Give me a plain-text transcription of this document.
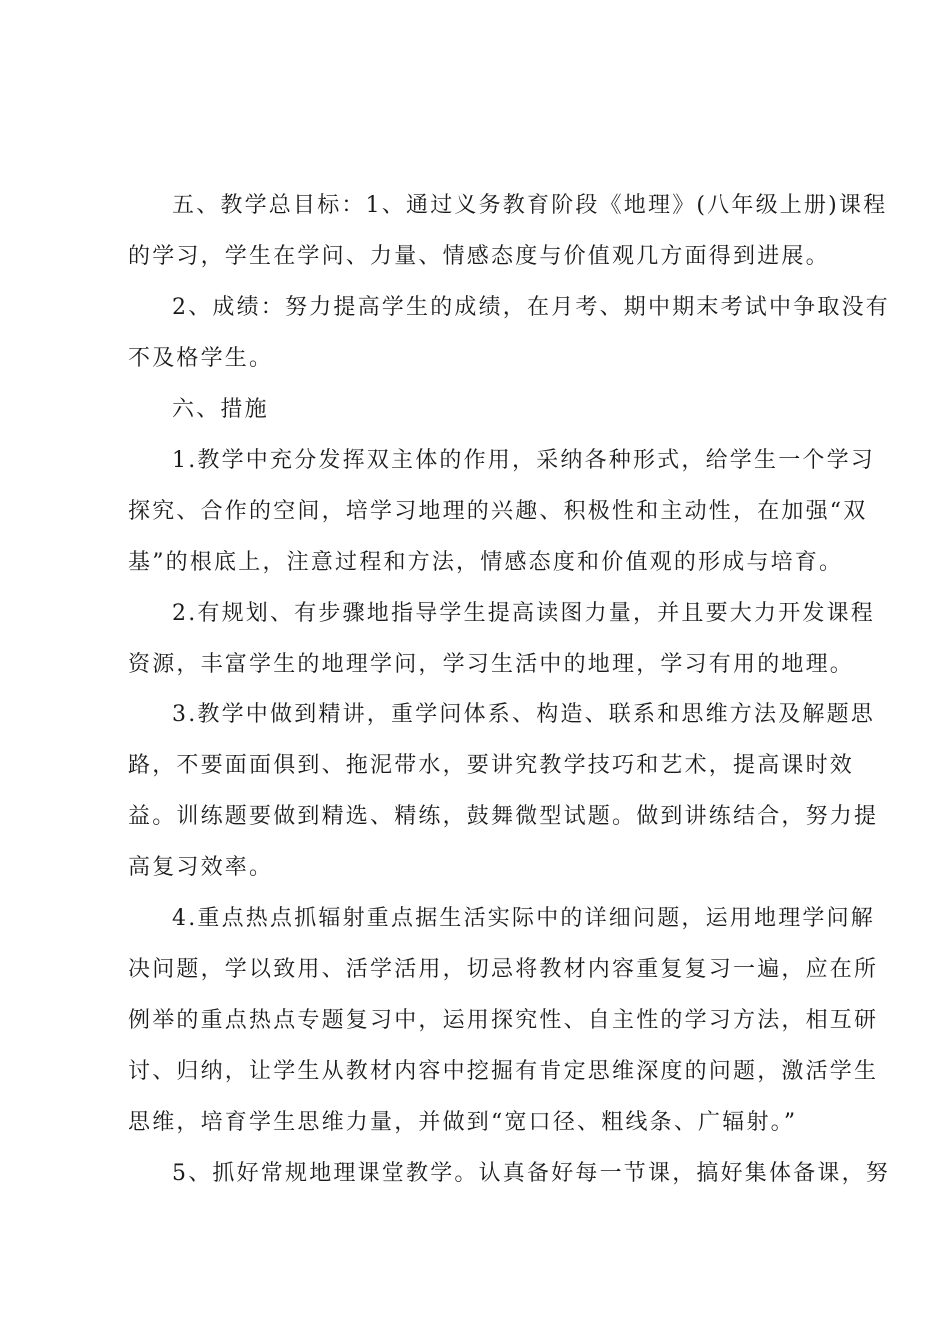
五、教学总目标：1、通过义务教育阶段《地理》(八年级上册)课程
的学习，学生在学问、力量、情感态度与价值观几方面得到进展。
2、成绩：努力提高学生的成绩，在月考、期中期末考试中争取没有
不及格学生。
六、措施
1.教学中充分发挥双主体的作用，采纳各种形式，给学生一个学习
探究、合作的空间，培学习地理的兴趣、积极性和主动性，在加强“双
基”的根底上，注意过程和方法，情感态度和价值观的形成与培育。
2.有规划、有步骤地指导学生提高读图力量，并且要大力开发课程
资源，丰富学生的地理学问，学习生活中的地理，学习有用的地理。
3.教学中做到精讲，重学问体系、构造、联系和思维方法及解题思
路，不要面面俱到、拖泥带水，要讲究教学技巧和艺术，提高课时效
益。训练题要做到精选、精练，鼓舞微型试题。做到讲练结合，努力提
高复习效率。
4.重点热点抓辐射重点据生活实际中的详细问题，运用地理学问解
决问题，学以致用、活学活用，切忌将教材内容重复复习一遍，应在所
例举的重点热点专题复习中，运用探究性、自主性的学习方法，相互研
讨、归纳，让学生从教材内容中挖掘有肯定思维深度的问题，激活学生
思维，培育学生思维力量，并做到“宽口径、粗线条、广辐射。”
5、抓好常规地理课堂教学。认真备好每一节课，搞好集体备课，努
